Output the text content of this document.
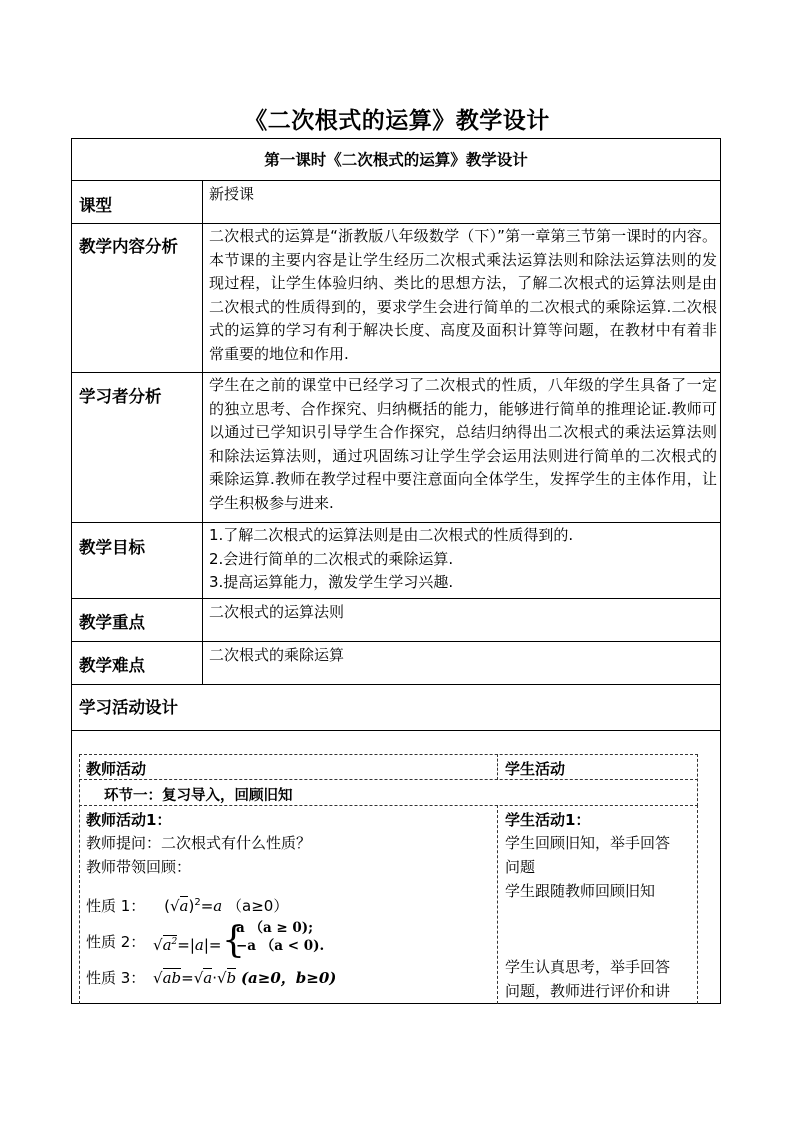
《二次根式的运算》教学设计
第一课时《二次根式的运算》教学设计
课型
教学内容分析
学习者分析
教学目标
教学重点
教学难点
学习活动设计
新授课
二次根式的运算是“浙教版八年级数学（下）”第一章第三节第一课时的内容。本节课的主要内容是让学生经历二次根式乘法运算法则和除法运算法则的发现过程，让学生体验归纳、类比的思想方法，了解二次根式的运算法则是由二次根式的性质得到的，要求学生会进行简单的二次根式的乘除运算.二次根式的运算的学习有利于解决长度、高度及面积计算等问题，在教材中有着非常重要的地位和作用.
学生在之前的课堂中已经学习了二次根式的性质，八年级的学生具备了一定的独立思考、合作探究、归纳概括的能力，能够进行简单的推理论证.教师可以通过已学知识引导学生合作探究，总结归纳得出二次根式的乘法运算法则和除法运算法则，通过巩固练习让学生学会运用法则进行简单的二次根式的乘除运算.教师在教学过程中要注意面向全体学生，发挥学生的主体作用，让学生积极参与进来.

1.了解二次根式的运算法则是由二次根式的性质得到的.

2.会进行简单的二次根式的乘除运算.

3.提高运算能力，激发学生学习兴趣.

二次根式的运算法则
二次根式的乘除运算
教师活动	学生活动
环节一：复习导入，回顾旧知
教师活动1：
教师提问：二次根式有什么性质？
教师带领回顾：
性质 1： $(√a)^2=a$ （a≥0）
性质 2： $√a^2=|a|=$ {
a （a ≥ 0);
−a （a < 0).
性质 3： √ab=√a·√b (a≥0，b≥0)
学生活动1：
学生回顾旧知，举手回答
问题
学生跟随教师回顾旧知
学生认真思考，举手回答
问题，教师进行评价和讲
